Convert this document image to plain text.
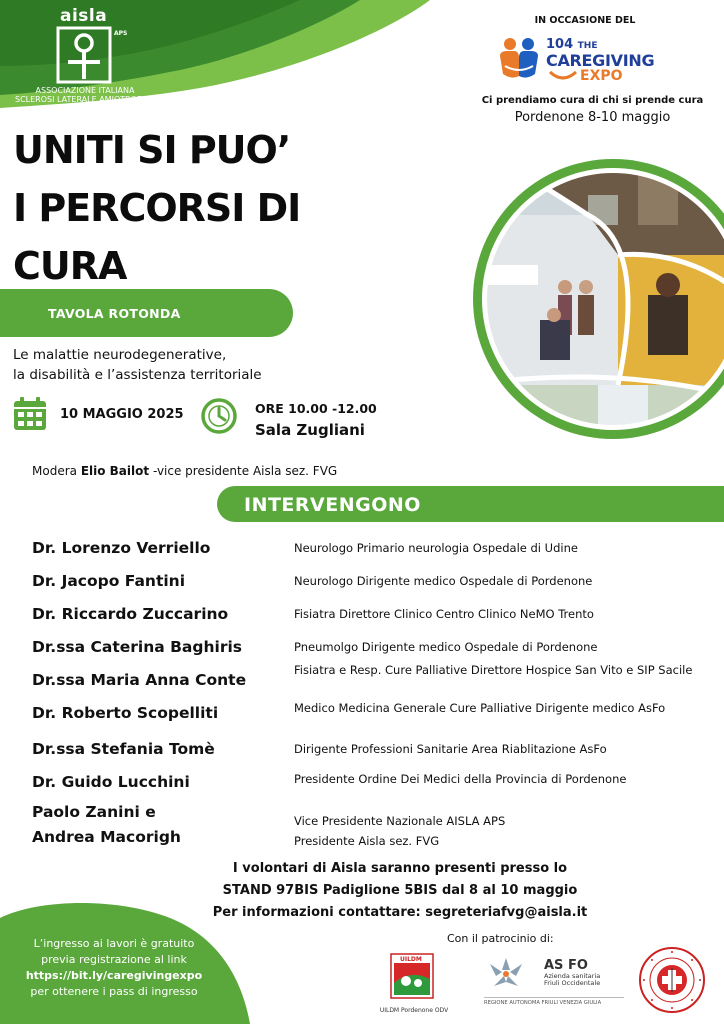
aisla
APS
ASSOCIAZIONE ITALIANA
SCLEROSI LATERALE AMIOTROFICA
IN OCCASIONE DEL
104 THE
CAREGIVING
EXPO
Ci prendiamo cura di chi si prende cura
Pordenone 8-10 maggio
UNITI SI PUO’
I PERCORSI DI
CURA
TAVOLA ROTONDA
Le malattie neurodegenerative,
la disabilità e l’assistenza territoriale
10 MAGGIO 2025	ORE 10.00 -12.00
Sala Zugliani
Modera Elio Bailot -vice presidente Aisla sez. FVG
INTERVENGONO
Dr. Lorenzo Verriello	Neurologo Primario neurologia Ospedale di Udine
Dr. Jacopo Fantini	Neurologo Dirigente medico Ospedale di Pordenone
Dr. Riccardo Zuccarino	Fisiatra Direttore Clinico Centro Clinico NeMO Trento
Dr.ssa Caterina Baghiris	Pneumolgo Dirigente medico Ospedale di Pordenone
Dr.ssa Maria Anna Conte
Fisiatra e Resp. Cure Palliative Direttore Hospice San Vito e SIP Sacile
Dr. Roberto Scopelliti	Medico Medicina Generale Cure Palliative Dirigente medico AsFo
Dr.ssa Stefania Tomè	Dirigente Professioni Sanitarie Area Riablitazione AsFo
Dr. Guido Lucchini	Presidente Ordine Dei Medici della Provincia di Pordenone
Paolo Zanini e
Andrea Macorigh
Vice Presidente Nazionale AISLA APS
Presidente Aisla sez. FVG
I volontari di Aisla saranno presenti presso lo
STAND 97BIS Padiglione 5BIS dal 8 al 10 maggio
Per informazioni contattare: segreteriafvg@aisla.it
L’ingresso ai lavori è gratuito
previa registrazione al link
https://bit.ly/caregivingexpo
per ottenere i pass di ingresso
Con il patrocinio di:
UILDM
UILDM Pordenone ODV
AS FO
Azienda sanitaria
Friuli Occidentale
REGIONE AUTONOMA FRIULI VENEZIA GIULIA
